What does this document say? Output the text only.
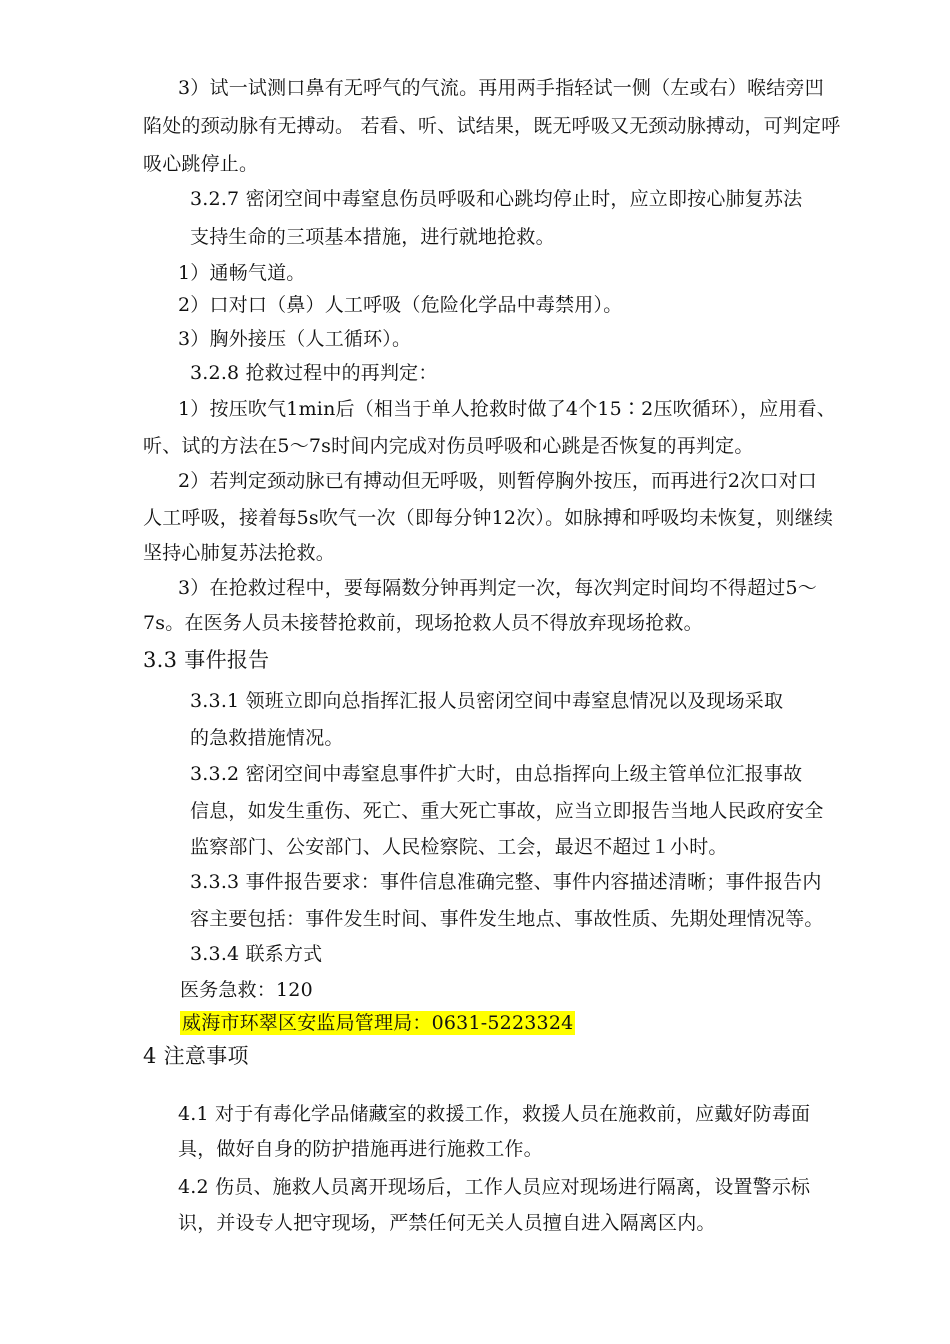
3）试一试测口鼻有无呼气的气流。再用两手指轻试一侧（左或右）喉结旁凹
陷处的颈动脉有无搏动。 若看、听、试结果，既无呼吸又无颈动脉搏动，可判定呼
吸心跳停止。
3.2.7 密闭空间中毒窒息伤员呼吸和心跳均停止时，应立即按心肺复苏法
支持生命的三项基本措施，进行就地抢救。
1）通畅气道。
2）口对口（鼻）人工呼吸（危险化学品中毒禁用）。
3）胸外接压（人工循环）。
3.2.8 抢救过程中的再判定：
1）按压吹气1min后（相当于单人抢救时做了4个15∶2压吹循环），应用看、
听、试的方法在5～7s时间内完成对伤员呼吸和心跳是否恢复的再判定。
2）若判定颈动脉已有搏动但无呼吸，则暂停胸外按压，而再进行2次口对口
人工呼吸，接着每5s吹气一次（即每分钟12次）。如脉搏和呼吸均未恢复，则继续
坚持心肺复苏法抢救。
3）在抢救过程中，要每隔数分钟再判定一次，每次判定时间均不得超过5～
7s。在医务人员未接替抢救前，现场抢救人员不得放弃现场抢救。
3.3 事件报告
3.3.1 领班立即向总指挥汇报人员密闭空间中毒窒息情况以及现场采取
的急救措施情况。
3.3.2 密闭空间中毒窒息事件扩大时，由总指挥向上级主管单位汇报事故
信息，如发生重伤、死亡、重大死亡事故，应当立即报告当地人民政府安全
监察部门、公安部门、人民检察院、工会，最迟不超过１小时。
3.3.3 事件报告要求：事件信息准确完整、事件内容描述清晰；事件报告内
容主要包括：事件发生时间、事件发生地点、事故性质、先期处理情况等。
3.3.4 联系方式
医务急救：120
威海市环翠区安监局管理局：0631-5223324
4 注意事项
4.1 对于有毒化学品储藏室的救援工作，救援人员在施救前，应戴好防毒面
具，做好自身的防护措施再进行施救工作。
4.2 伤员、施救人员离开现场后，工作人员应对现场进行隔离，设置警示标
识，并设专人把守现场，严禁任何无关人员擅自进入隔离区内。
